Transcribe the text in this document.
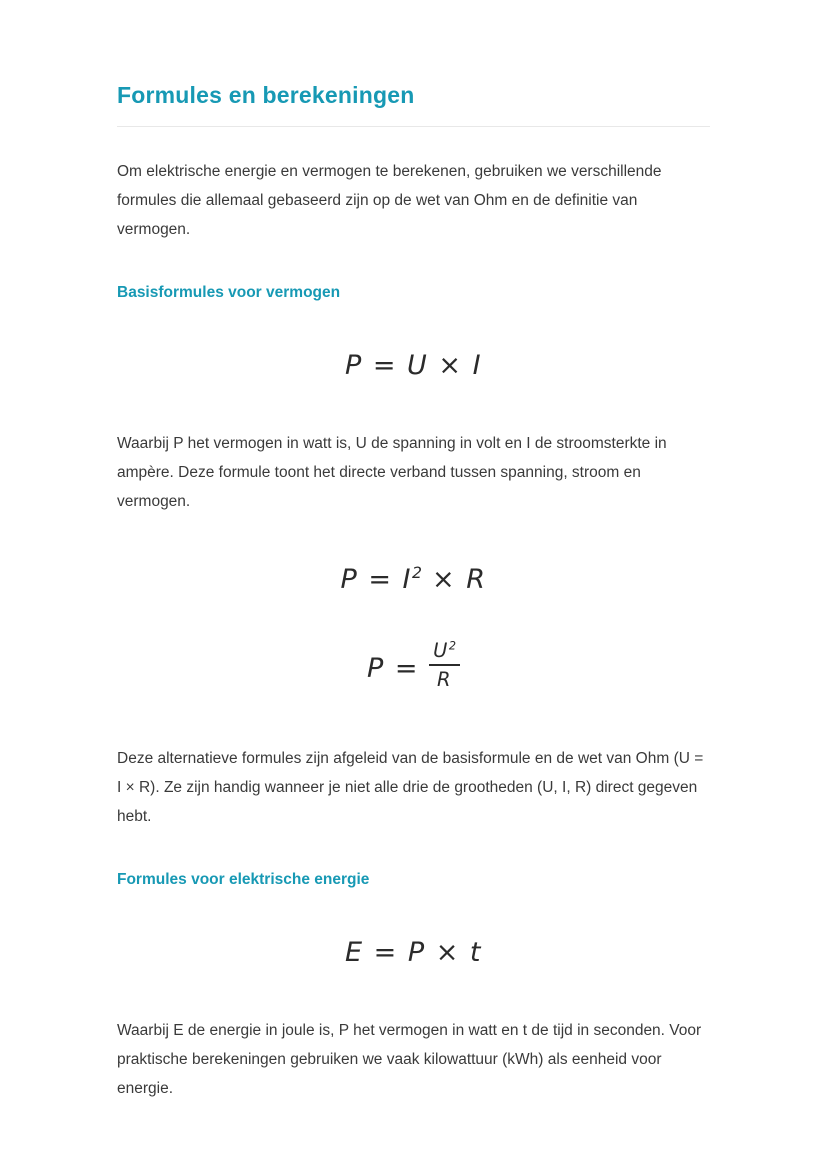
Formules en berekeningen

Om elektrische energie en vermogen te berekenen, gebruiken we verschillende formules die allemaal gebaseerd zijn op de wet van Ohm en de definitie van vermogen.

Basisformules voor vermogen
P = U × I

Waarbij P het vermogen in watt is, U de spanning in volt en I de stroomsterkte in ampère. Deze formule toont het directe verband tussen spanning, stroom en vermogen.

$P = I^2 \times R$
$P = \frac{U^2}{R}$

Deze alternatieve formules zijn afgeleid van de basisformule en de wet van Ohm (U = I × R). Ze zijn handig wanneer je niet alle drie de grootheden (U, I, R) direct gegeven hebt.

Formules voor elektrische energie
E = P × t

Waarbij E de energie in joule is, P het vermogen in watt en t de tijd in seconden. Voor praktische berekeningen gebruiken we vaak kilowattuur (kWh) als eenheid voor energie.
